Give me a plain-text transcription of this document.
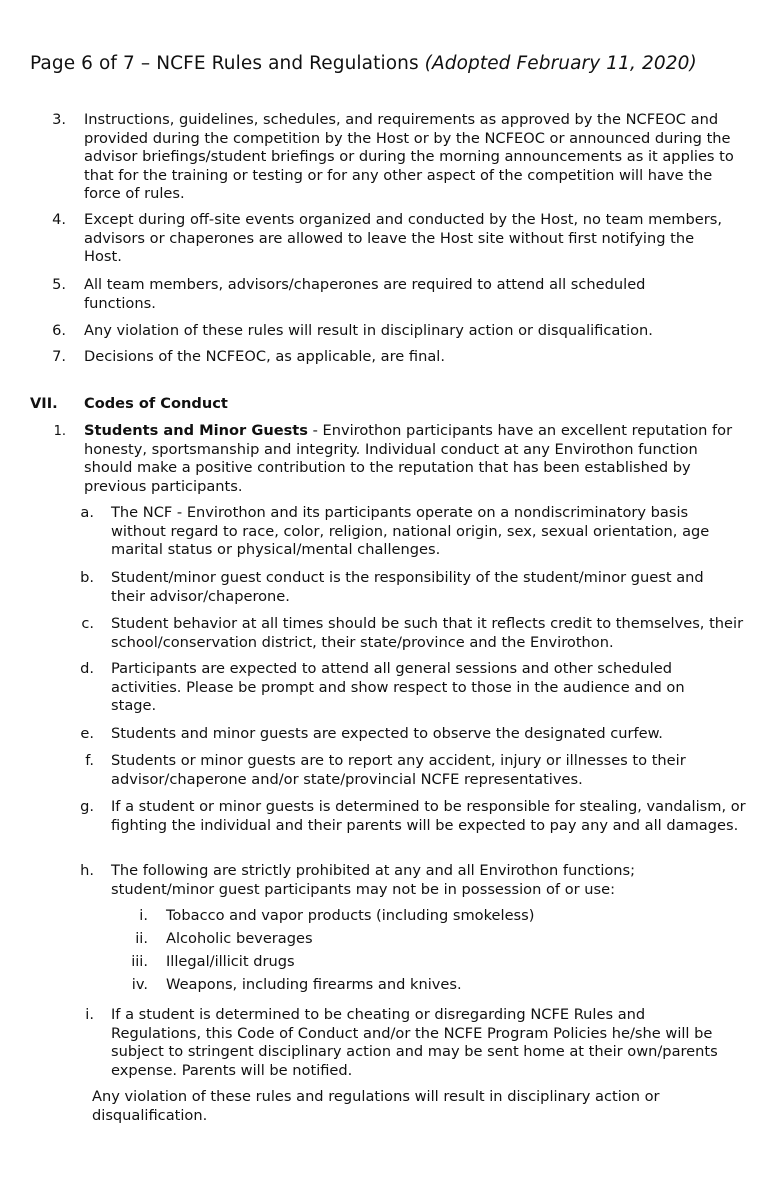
Page 6 of 7 – NCFE Rules and Regulations (Adopted February 11, 2020)
3. Instructions, guidelines, schedules, and requirements as approved by the NCFEOC and provided during the competition by the Host or by the NCFEOC or announced during the advisor briefings/student briefings or during the morning announcements as it applies to that for the training or testing or for any other aspect of the competition will have the force of rules.
4. Except during off-site events organized and conducted by the Host, no team members, advisors or chaperones are allowed to leave the Host site without first notifying the Host.
5. All team members, advisors/chaperones are required to attend all scheduled functions.
6. Any violation of these rules will result in disciplinary action or disqualification.
7. Decisions of the NCFEOC, as applicable, are final.
VII. Codes of Conduct
1. Students and Minor Guests - Envirothon participants have an excellent reputation for honesty, sportsmanship and integrity. Individual conduct at any Envirothon function should make a positive contribution to the reputation that has been established by previous participants.
a. The NCF - Envirothon and its participants operate on a nondiscriminatory basis without regard to race, color, religion, national origin, sex, sexual orientation, age marital status or physical/mental challenges.
b. Student/minor guest conduct is the responsibility of the student/minor guest and their advisor/chaperone.
c. Student behavior at all times should be such that it reflects credit to themselves, their school/conservation district, their state/province and the Envirothon.
d. Participants are expected to attend all general sessions and other scheduled activities. Please be prompt and show respect to those in the audience and on stage.
e. Students and minor guests are expected to observe the designated curfew.
f. Students or minor guests are to report any accident, injury or illnesses to their advisor/chaperone and/or state/provincial NCFE representatives.
g. If a student or minor guests is determined to be responsible for stealing, vandalism, or fighting the individual and their parents will be expected to pay any and all damages.
h. The following are strictly prohibited at any and all Envirothon functions; student/minor guest participants may not be in possession of or use:
i. Tobacco and vapor products (including smokeless)
ii. Alcoholic beverages
iii. Illegal/illicit drugs
iv. Weapons, including firearms and knives.
i. If a student is determined to be cheating or disregarding NCFE Rules and Regulations, this Code of Conduct and/or the NCFE Program Policies he/she will be subject to stringent disciplinary action and may be sent home at their own/parents expense. Parents will be notified.
Any violation of these rules and regulations will result in disciplinary action or disqualification.
